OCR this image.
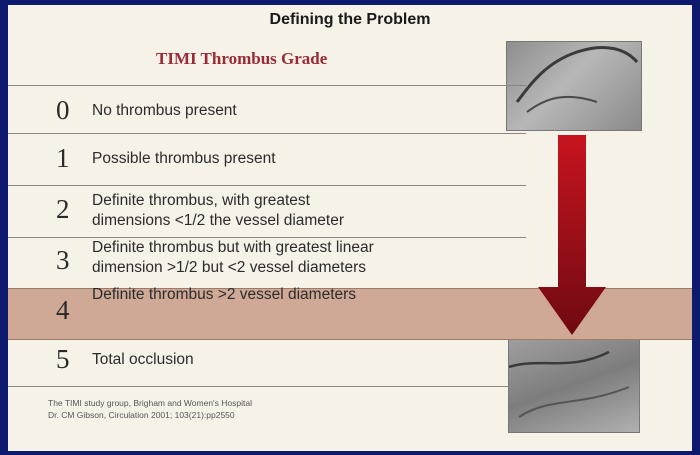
Defining the Problem
TIMI Thrombus Grade
0 No thrombus present
1 Possible thrombus present
2 Definite thrombus, with greatest
dimensions <1/2 the vessel diameter
3 Definite thrombus but with greatest linear
dimension >1/2 but <2 vessel diameters
4
Definite thrombus >2 vessel diameters
5 Total occlusion
The TIMI study group, Brigham and Women's Hospital
Dr. CM Gibson, Circulation 2001; 103(21):pp2550
